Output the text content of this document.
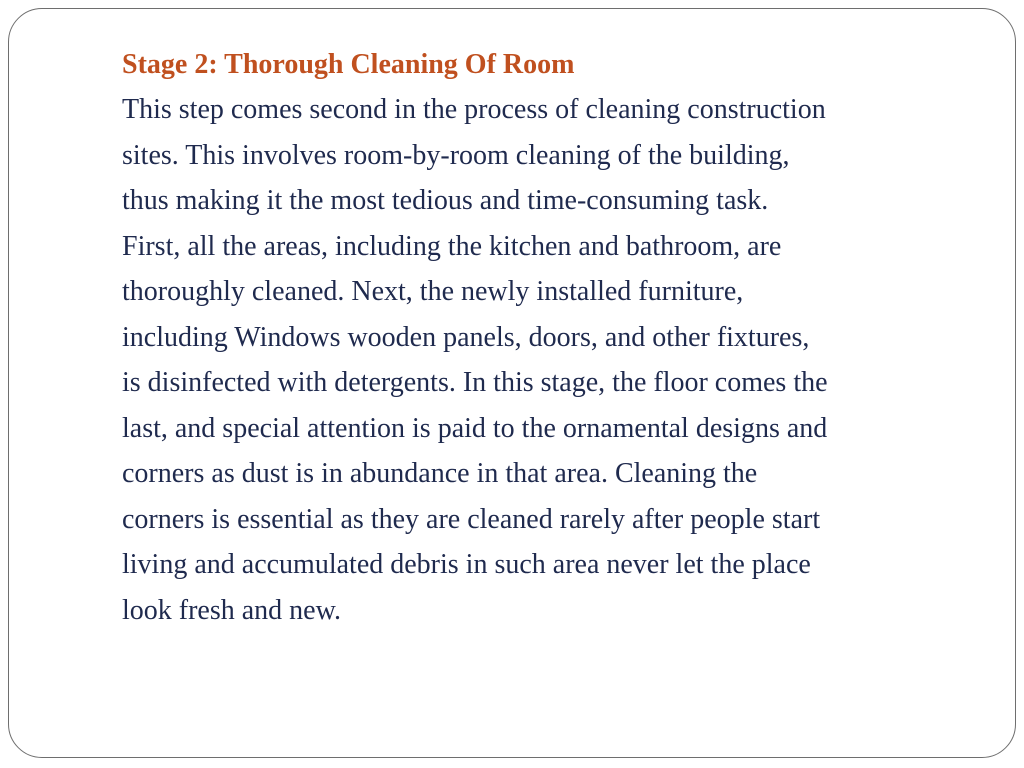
Stage 2: Thorough Cleaning Of Room

This step comes second in the process of cleaning construction

sites. This involves room-by-room cleaning of the building,

thus making it the most tedious and time-consuming task.

First, all the areas, including the kitchen and bathroom, are

thoroughly cleaned. Next, the newly installed furniture,

including Windows wooden panels, doors, and other fixtures,

is disinfected with detergents. In this stage, the floor comes the

last, and special attention is paid to the ornamental designs and

corners as dust is in abundance in that area. Cleaning the

corners is essential as they are cleaned rarely after people start

living and accumulated debris in such area never let the place

look fresh and new.
